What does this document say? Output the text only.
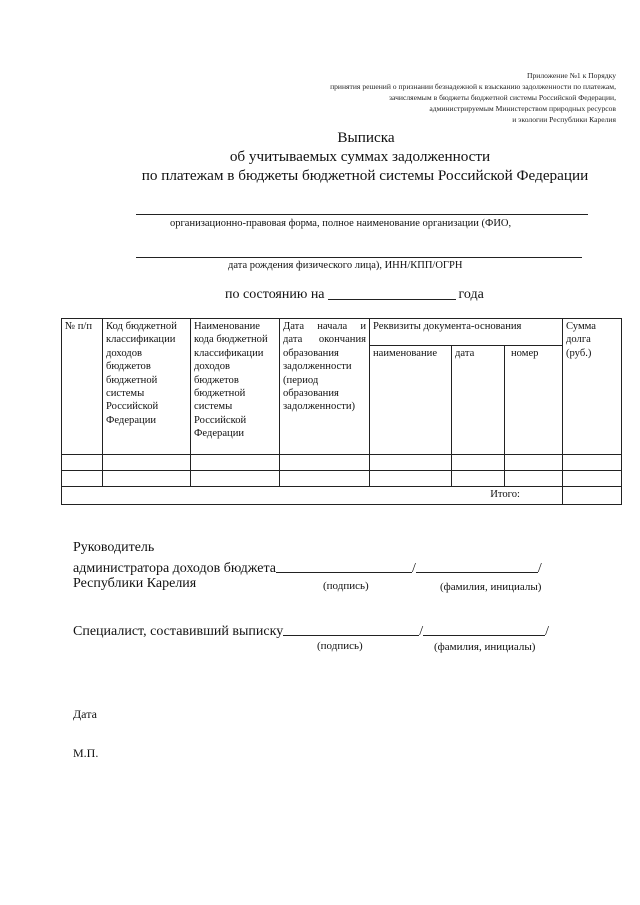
Приложение №1 к Порядку
принятия решений о признании безнадежной к взысканию задолженности по платежам,
зачисляемым в бюджеты бюджетной системы Российской Федерации,
администрируемым Министерством природных ресурсов
и экологии Республики Карелия
Выписка
об учитываемых суммах задолженности
по платежам в бюджеты бюджетной системы Российской Федерации
организационно-правовая форма, полное наименование организации (ФИО,
дата рождения физического лица), ИНН/КПП/ОГРН
по состоянию на	года
№ п/п	Код бюджетной классификации доходов бюджетов бюджетной системы Российской Федерации	Наименование кода бюджетной классификации доходов бюджетов бюджетной системы Российской Федерации	Дата начала и дата окончания образования задолженности (период образования задолженности)	Реквизиты документа-основания			Сумма долга (руб.)
				наименование	дата	номер	

Итого:							
Руководитель
администратора доходов бюджета	/	/
Республики Карелия	(подпись)	(фамилия, инициалы)
Специалист, составивший выписку	/	/
(подпись)	(фамилия, инициалы)
Дата
М.П.
